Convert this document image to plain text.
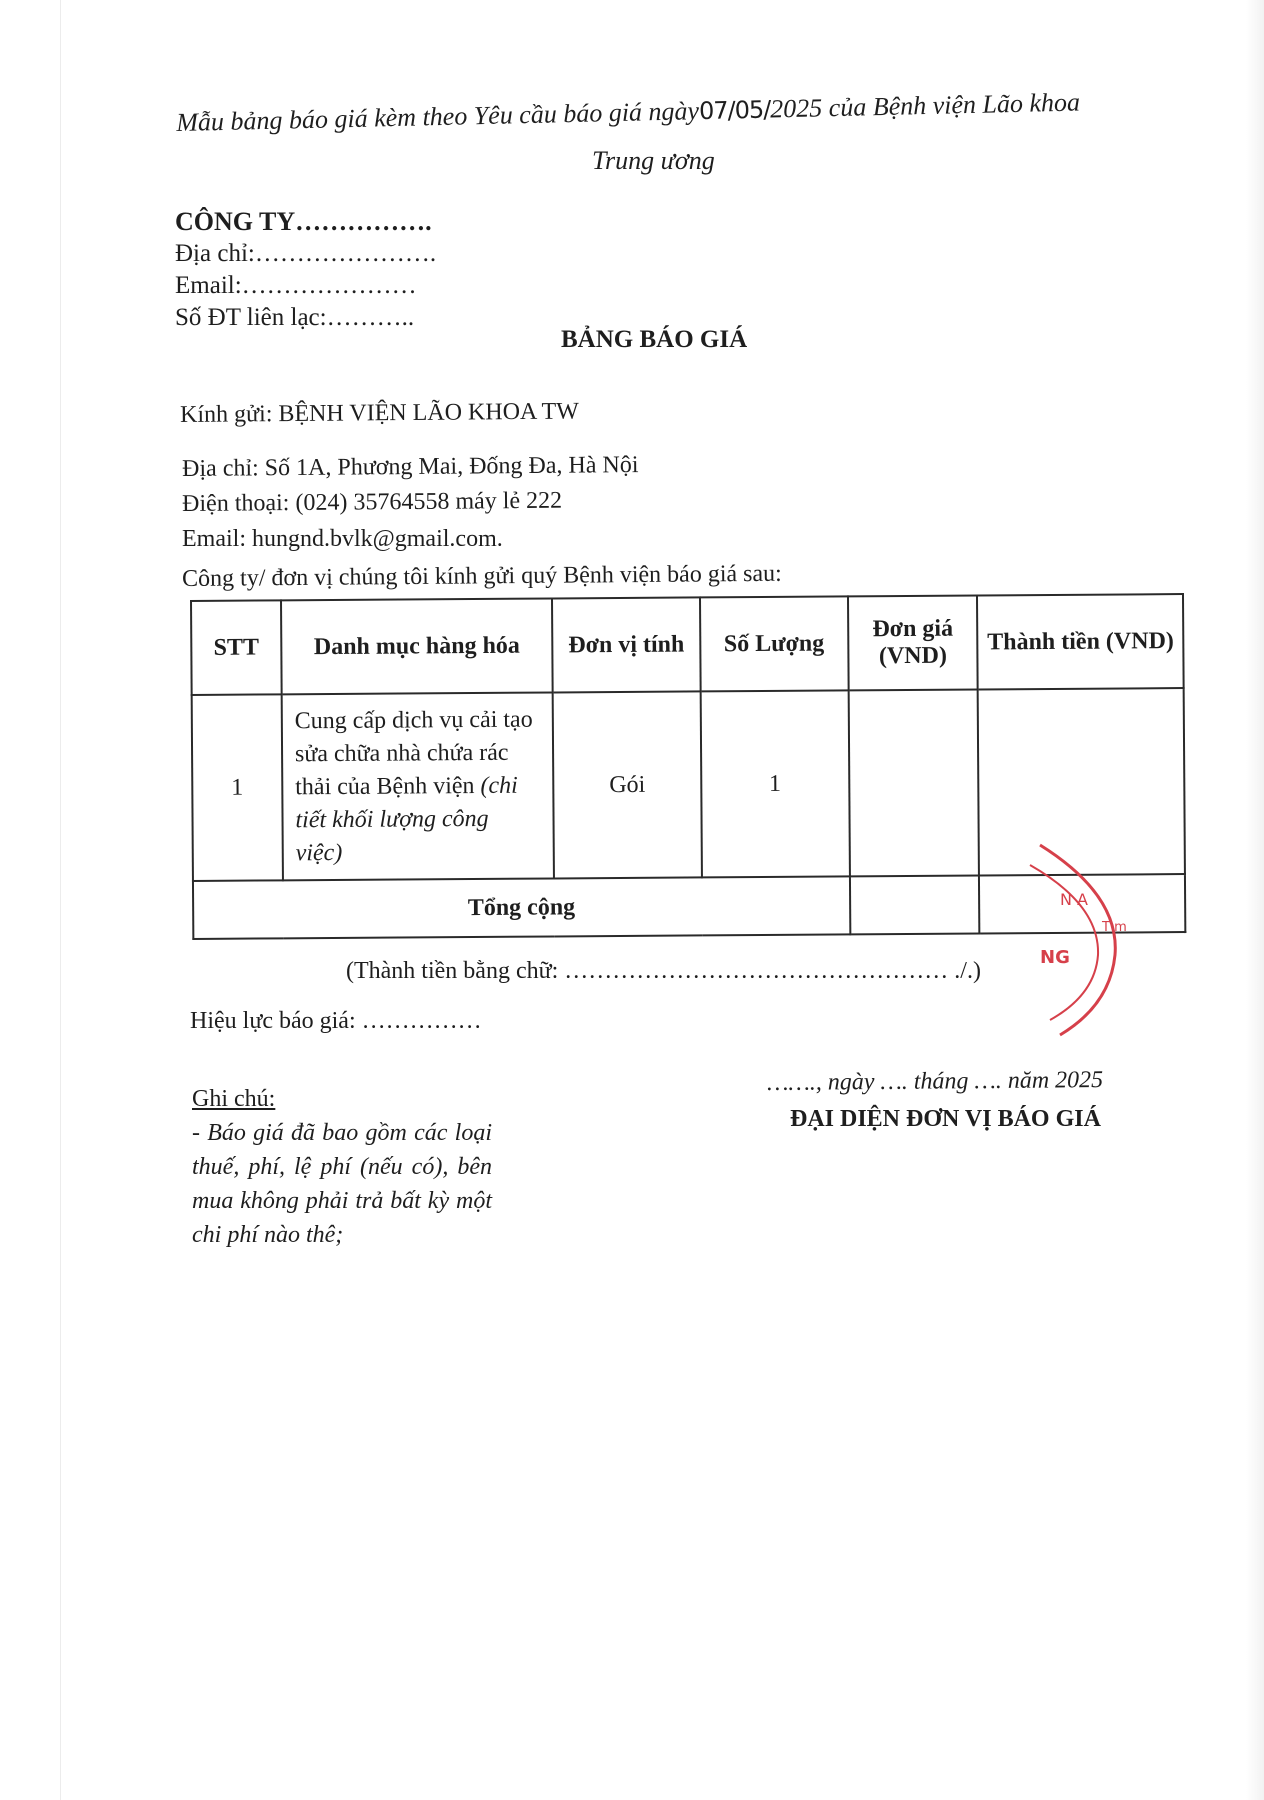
Mẫu bảng báo giá kèm theo Yêu cầu báo giá ngày07/05/2025 của Bệnh viện Lão khoa
Trung ương
CÔNG TY…………….
Địa chỉ:………………….
Email:…………………
Số ĐT liên lạc:………..
BẢNG BÁO GIÁ
Kính gửi: BỆNH VIỆN LÃO KHOA TW
Địa chỉ: Số 1A, Phương Mai, Đống Đa, Hà Nội
Điện thoại: (024) 35764558 máy lẻ 222
Email: hungnd.bvlk@gmail.com.
Công ty/ đơn vị chúng tôi kính gửi quý Bệnh viện báo giá sau:
STT	Danh mục hàng hóa	Đơn vị tính	Số Lượng	Đơn giá (VND)	Thành tiền (VND)
1	Cung cấp dịch vụ cải tạo sửa chữa nhà chứa rác thải của Bệnh viện (chi tiết khối lượng công việc)	Gói	1		
Tổng cộng						N A
T m
NG
(Thành tiền bằng chữ: ………………………………………… ./.)
Hiệu lực báo giá: ……………
Ghi chú:
- Báo giá đã bao gồm các loại thuế, phí, lệ phí (nếu có), bên mua không phải trả bất kỳ một chi phí nào thê;
……., ngày …. tháng …. năm 2025
ĐẠI DIỆN ĐƠN VỊ BÁO GIÁ
